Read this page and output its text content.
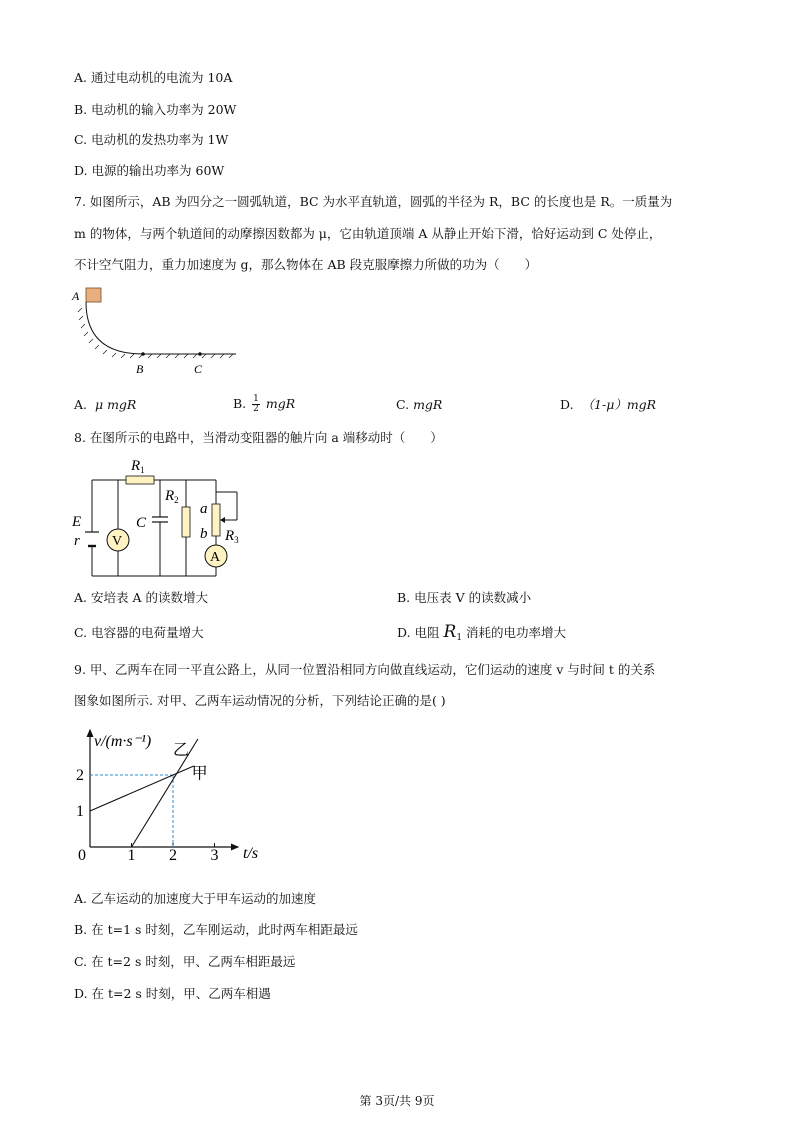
A. 通过电动机的电流为 10A
B. 电动机的输入功率为 20W
C. 电动机的发热功率为 1W
D. 电源的输出功率为 60W
7. 如图所示，AB 为四分之一圆弧轨道，BC 为水平直轨道，圆弧的半径为 R，BC 的长度也是 R。一质量为
m 的物体，与两个轨道间的动摩擦因数都为 μ，它由轨道顶端 A 从静止开始下滑，恰好运动到 C 处停止，
不计空气阻力，重力加速度为 g，那么物体在 AB 段克服摩擦力所做的功为（　　）
A
B	C
A. μ mgR	B. $\frac{1}{2}$ mgR	C. mgR	D. （1-μ）mgR
8. 在图所示的电路中，当滑动变阻器的触片向 a 端移动时（　　）
E
r
$R_1$
V
C
$R_2$
a
b $R_3$
A
A. 安培表 A 的读数增大	B. 电压表 V 的读数减小
C. 电容器的电荷量增大	D. 电阻 $R_1$ 消耗的电功率增大
9. 甲、乙两车在同一平直公路上，从同一位置沿相同方向做直线运动，它们运动的速度 v 与时间 t 的关系
图象如图所示. 对甲、乙两车运动情况的分析，下列结论正确的是( )
v/(m·s⁻¹)
t/s
0	1 2 3
1
2	甲
乙
A. 乙车运动的加速度大于甲车运动的加速度
B. 在 t=1 s 时刻，乙车刚运动，此时两车相距最远
C. 在 t=2 s 时刻，甲、乙两车相距最远
D. 在 t=2 s 时刻，甲、乙两车相遇
第 3页/共 9页
